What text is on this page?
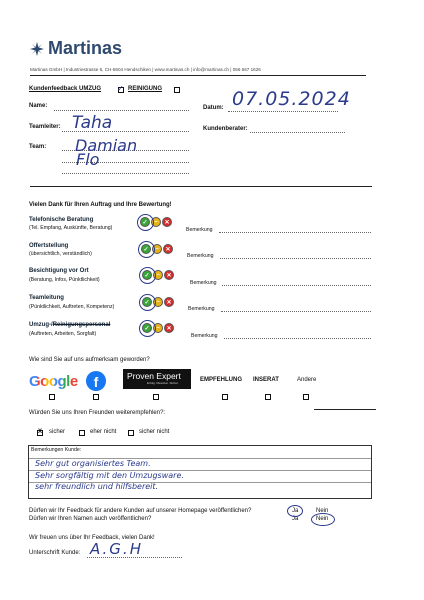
Martinas
Martinas GmbH | Industriestrasse 6, CH-5604 Hendschiken | www.martinas.ch | info@martinas.ch | 056 667 1626
Kundenfeedback UMZUG ✓ REINIGUNG
Name:	Datum: 07.05.2024
Teamleiter: Taha	Kundenberater:
Team: Damian
Flo
Vielen Dank für Ihren Auftrag und Ihre Bewertung!
Telefonische Beratung
(Tel. Empfang, Auskünfte, Beratung)
✓	–	✕
Bemerkung
Offertstellung
(übersichtlich, verständlich)
✓	–	✕
Bemerkung
Besichtigung vor Ort
(Beratung, Infos, Pünktlichkeit)
✓	–	✕
Bemerkung
Teamleitung
(Pünktlichkeit, Auftreten, Kompetenz)
✓	–	✕
Bemerkung
Umzug-/Reinigungspersonal
(Auftreten, Arbeiten, Sorgfalt)
✓	–	✕
Bemerkung
Wie sind Sie auf uns aufmerksam geworden?
Google	f	Proven Expert
Erfolg. Messbar. Sicher.	EMPFEHLUNG INSERAT	Andere
Würden Sie uns Ihren Freunden weiterempfehlen?:
X sicher	eher nicht	sicher nicht
Bemerkungen Kunde:
Sehr gut organisiertes Team.
Sehr sorgfältig mit den Umzugsware.
sehr freundlich und hilfsbereit.
Dürfen wir Ihr Feedback für andere Kunden auf unserer Homepage veröffentlichen?
Dürfen wir Ihren Namen auch veröffentlichen?
Ja	Nein
Ja	Nein
Wir freuen uns über Ihr Feedback, vielen Dank!
Unterschrift Kunde: A.G.H
